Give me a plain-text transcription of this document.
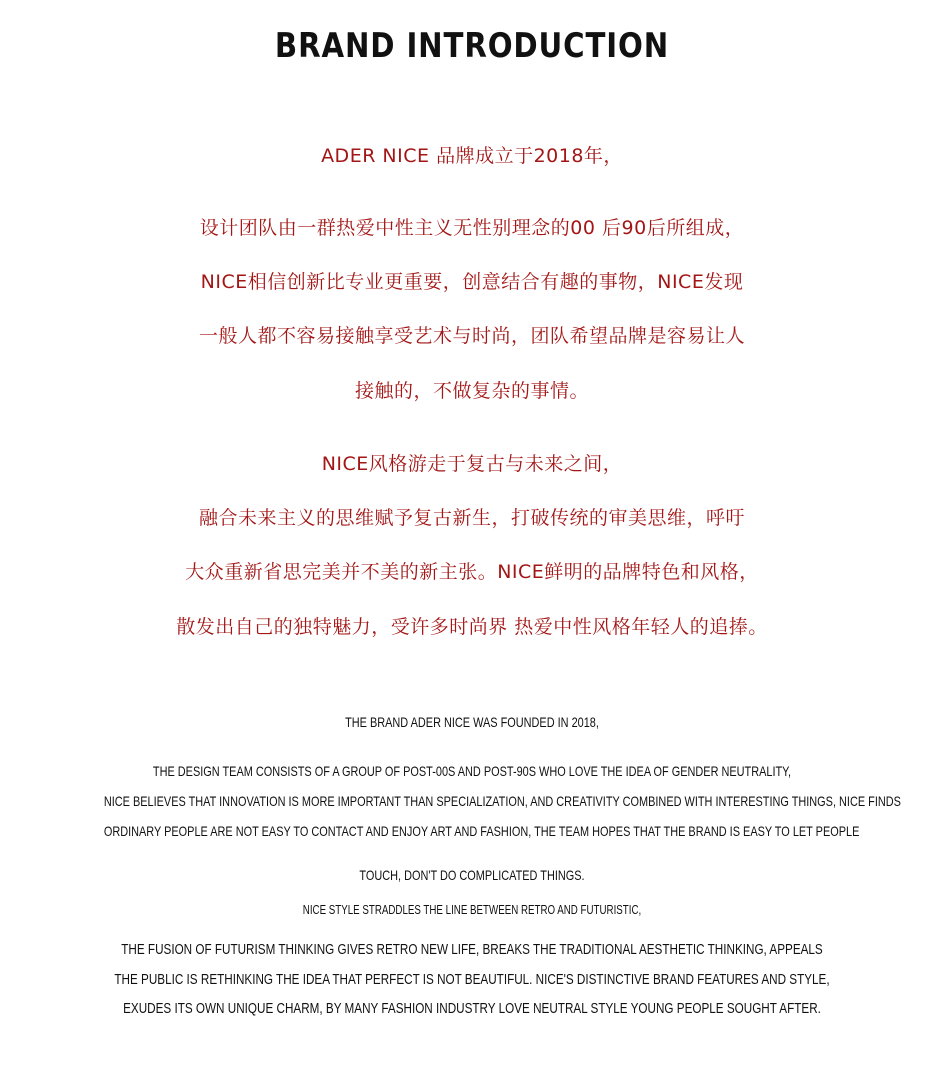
BRAND INTRODUCTION
ADER NICE 品牌成立于2018年，
设计团队由一群热爱中性主义无性别理念的00 后90后所组成，
NICE相信创新比专业更重要，创意结合有趣的事物，NICE发现
一般人都不容易接触享受艺术与时尚，团队希望品牌是容易让人
接触的，不做复杂的事情。
NICE风格游走于复古与未来之间，
融合未来主义的思维赋予复古新生，打破传统的审美思维，呼吁
大众重新省思完美并不美的新主张。NICE鲜明的品牌特色和风格，
散发出自己的独特魅力，受许多时尚界 热爱中性风格年轻人的追捧。
THE BRAND ADER NICE WAS FOUNDED IN 2018,
THE DESIGN TEAM CONSISTS OF A GROUP OF POST-00S AND POST-90S WHO LOVE THE IDEA OF GENDER NEUTRALITY,
NICE BELIEVES THAT INNOVATION IS MORE IMPORTANT THAN SPECIALIZATION, AND CREATIVITY COMBINED WITH INTERESTING THINGS, NICE FINDS
ORDINARY PEOPLE ARE NOT EASY TO CONTACT AND ENJOY ART AND FASHION, THE TEAM HOPES THAT THE BRAND IS EASY TO LET PEOPLE
TOUCH, DON'T DO COMPLICATED THINGS.
NICE STYLE STRADDLES THE LINE BETWEEN RETRO AND FUTURISTIC,
THE FUSION OF FUTURISM THINKING GIVES RETRO NEW LIFE, BREAKS THE TRADITIONAL AESTHETIC THINKING, APPEALS
THE PUBLIC IS RETHINKING THE IDEA THAT PERFECT IS NOT BEAUTIFUL. NICE'S DISTINCTIVE BRAND FEATURES AND STYLE,
EXUDES ITS OWN UNIQUE CHARM, BY MANY FASHION INDUSTRY LOVE NEUTRAL STYLE YOUNG PEOPLE SOUGHT AFTER.
